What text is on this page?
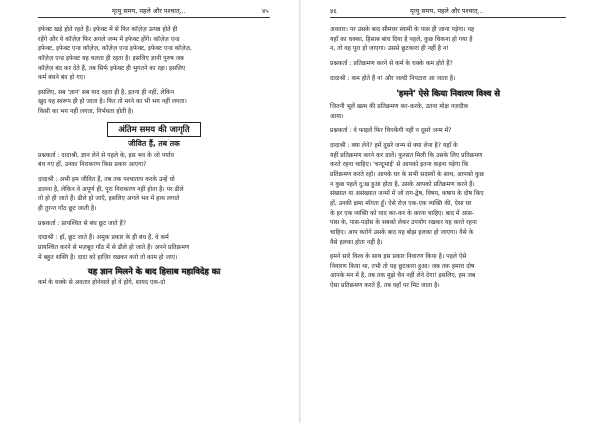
मृत्यु समय, पहले और पश्चात्...	४५
इफेक्ट खड़े होते रहते हैं। इफेक्ट में से फिर कॉज़ेज़ उत्पन्न होते ही
रहेंगे और ये कॉज़ेज़ फिर अगले जन्म में इफेक्ट होंगे। कॉज़ेज़ एन्ड
इफेक्ट, इफेक्ट एन्ड कॉज़ेज़, कॉज़ेज़ एन्ड इफेक्ट, इफेक्ट एन्ड कॉज़ेज़,
कॉज़ेज़ एन्ड इफेक्ट यह चलता ही रहता है। इसलिए ज्ञानी पुरुष जब
कॉज़ेज़ बंद कर देते हैं, तब सिर्फ इफेक्ट ही भुगतने का रहा। इसलिए
कर्म बंधने बंद हो गए।
इसलिए, सब 'ज्ञान' सब याद रहता ही है, इतना ही नहीं, लेकिन
खुद यह स्वरूप ही हो जाता है। फिर तो मरने का भी भय नहीं लगता।
किसी का भय नहीं लगता, निर्भयता होती है।
अंतिम समय की जागृति
जीवित हैं, तब तक
प्रश्नकर्ता : दादाश्री, ज्ञान लेने से पहले के, इस भव के जो पर्याय
बंध गए हों, उनका निराकरण किस प्रकार आएगा?
दादाश्री : अभी हम जीवित हैं, तब तक पश्चाताप करके उन्हें धो
डालना है, लेकिन वे अपूर्ण ही, पूरा निराकरण नहीं होता है। पर ढीले
तो हो ही जाते हैं। ढीले हो जाएँ, इसलिए अगले भव में हाथ लगाते
ही तुरन्त गाँठ छूट जाती है।
प्रश्नकर्ता : प्रायश्चित से बंध छूट जाते हैं?
दादाश्री : हाँ, छूट जाते हैं। अमुक प्रकार के ही बंध हैं, वे कर्म
प्रायश्चित करने से मज़बूत गाँठ में से ढीले हो जाते हैं। अपने प्रतिक्रमण
में बहुत शक्ति है। दादा को हाज़िर रखकर करो तो काम हो जाए।
यह ज्ञान मिलने के बाद हिसाब महाविदेह का
कर्म के धक्के से अवतार होनेवाले हों वे होंगे, शायद एक-दो
४६	मृत्यु समय, पहले और पश्चात्...
अवतार। पर उसके बाद सीमंधर स्वामी के पास ही जाना पड़ेगा। यह
यहाँ का धक्का, हिसाब बांध दिया है पहले, कुछ चिकना हो गया है
न, तो वह पूरा हो जाएगा। उससे छुटकारा ही नहीं है न!
प्रश्नकर्ता : प्रतिक्रमण करने से कर्म के धक्के कम होते हैं?
दादाश्री : कम होते हैं न! और जल्दी निपटारा आ जाता है।
'हमने' ऐसे किया निवारण विश्व से
जितनी भूलें खत्म की प्रतिक्रमण कर-करके, उतना मोक्ष नज़दीक
आया।
प्रश्नकर्ता : वे फाइलें फिर चिपकेंगी नहीं न दूसरे जन्म में?
दादाश्री : क्या लेने? हमें दूसरे जन्म से क्या लेना है? यहाँ के
यहीं प्रतिक्रमण करने कर डालें। फुरसत मिली कि उसके लिए प्रतिक्रमण
करते रहना चाहिए। 'चन्दूभाई' से आपको इतना कहना पड़ेगा कि
प्रतिक्रमण करते रहो। आपके घर के सभी सदस्यों के साथ, आपको कुछ
न कुछ पहले दु:ख हुआ होता है, उसके आपको प्रतिक्रमण करने हैं।
संख्यात या असंख्यात जन्मों में जो राग-द्वेष, विषय, कषाय के दोष किए
हों, उनकी क्षमा माँगता हूँ। ऐसे रोज़ एक-एक व्यक्ति की, ऐसा घर
के हर एक व्यक्ति को याद कर-कर के करना चाहिए। बाद में आस-
पास के, पास-पड़ोस के सबको लेकर उपयोग रखकर यह करते रहना
चाहिए। आप करोगे उसके बाद यह बोझ हलका हो जाएगा। वैसे के
वैसे हलका होता नहीं है।
हमने सारे विश्व के साथ इस प्रकार निवारण किया है। पहले ऐसे
निवारण किया था, तभी तो यह छुटकारा हुआ। जब तक हमारा दोष
आपके मन में है, तब तक मुझे चैन नहीं लेने देगा! इसलिए, हम जब
ऐसा प्रतिक्रमण करते हैं, तब वहाँ पर मिट जाता है।
